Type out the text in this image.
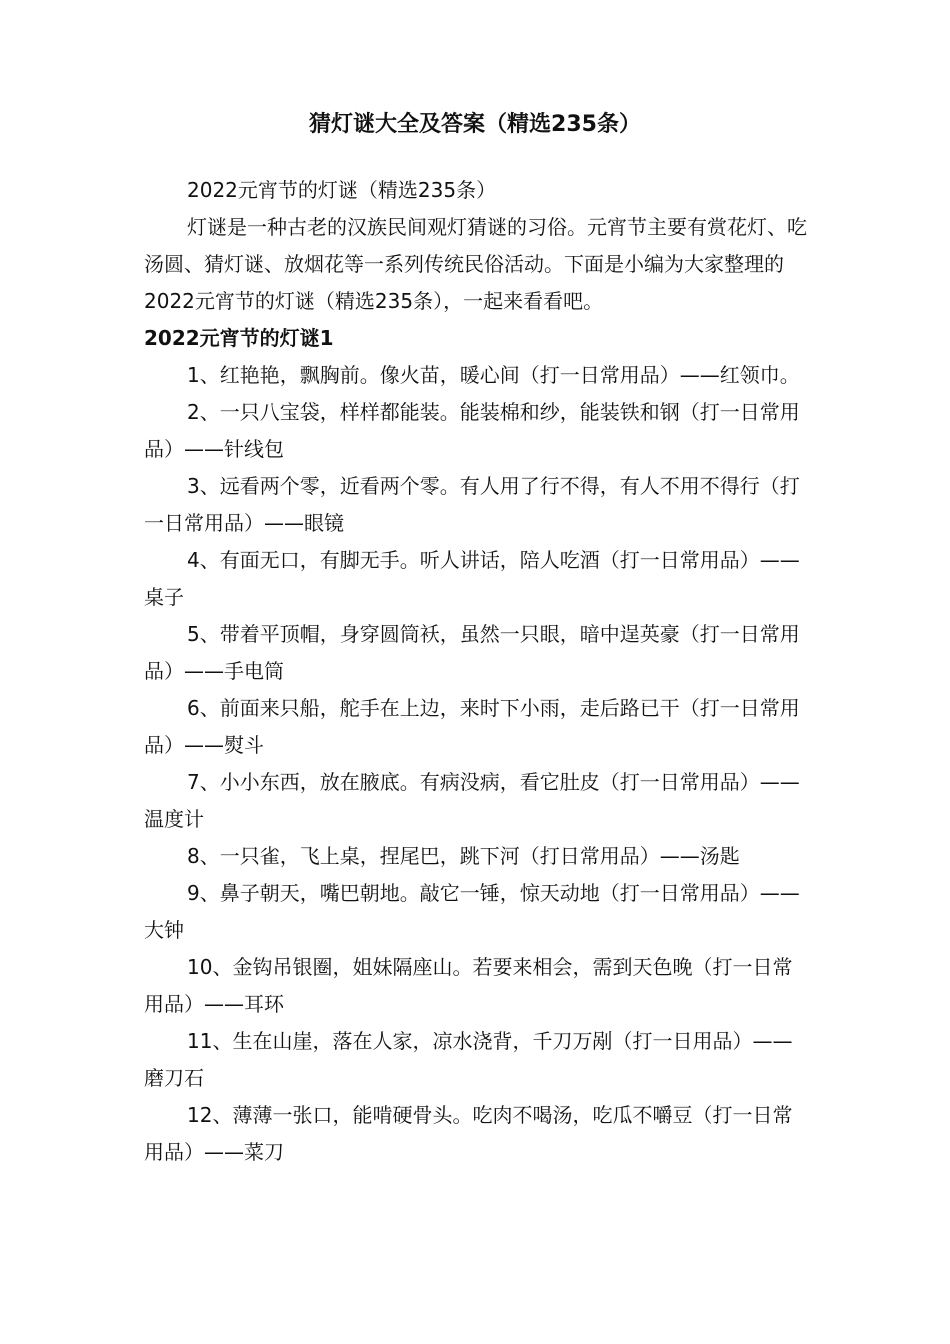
猜灯谜大全及答案（精选235条）

2022元宵节的灯谜（精选235条）

灯谜是一种古老的汉族民间观灯猜谜的习俗。元宵节主要有赏花灯、吃汤圆、猜灯谜、放烟花等一系列传统民俗活动。下面是小编为大家整理的2022元宵节的灯谜（精选235条），一起来看看吧。

2022元宵节的灯谜1

1、红艳艳，飘胸前。像火苗，暖心间（打一日常用品）——红领巾。

2、一只八宝袋，样样都能装。能装棉和纱，能装铁和钢（打一日常用品）——针线包

3、远看两个零，近看两个零。有人用了行不得，有人不用不得行（打一日常用品）——眼镜

4、有面无口，有脚无手。听人讲话，陪人吃酒（打一日常用品）——桌子

5、带着平顶帽，身穿圆筒袄，虽然一只眼，暗中逞英豪（打一日常用品）——手电筒

6、前面来只船，舵手在上边，来时下小雨，走后路已干（打一日常用品）——熨斗

7、小小东西，放在腋底。有病没病，看它肚皮（打一日常用品）——温度计

8、一只雀，飞上桌，捏尾巴，跳下河（打日常用品）——汤匙

9、鼻子朝天，嘴巴朝地。敲它一锤，惊天动地（打一日常用品）——大钟

10、金钩吊银圈，姐妹隔座山。若要来相会，需到天色晚（打一日常用品）——耳环

11、生在山崖，落在人家，凉水浇背，千刀万剐（打一日用品）——磨刀石

12、薄薄一张口，能啃硬骨头。吃肉不喝汤，吃瓜不嚼豆（打一日常用品）——菜刀
